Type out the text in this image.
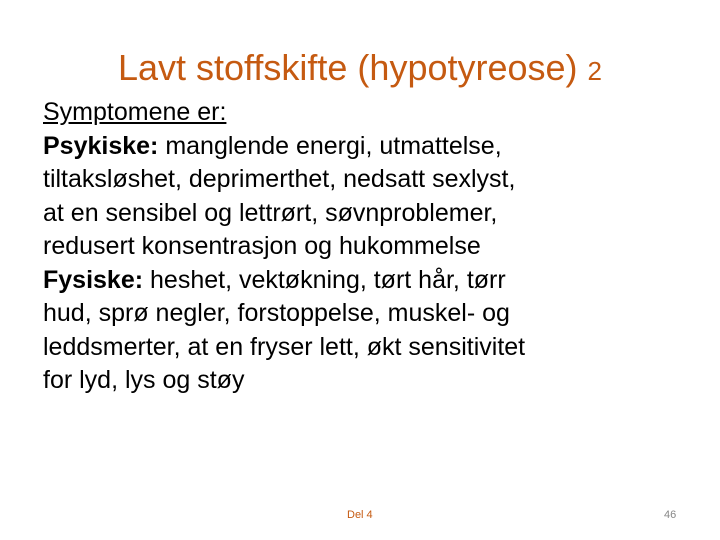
Lavt stoffskifte (hypotyreose) 2
Symptomene er:
Psykiske: manglende energi, utmattelse,
tiltaksløshet, deprimerthet, nedsatt sexlyst,
at en sensibel og lettrørt, søvnproblemer,
redusert konsentrasjon og hukommelse
Fysiske: heshet, vektøkning, tørt hår, tørr
hud, sprø negler, forstoppelse, muskel- og
leddsmerter, at en fryser lett, økt sensitivitet
for lyd, lys og støy
Del 4	46
